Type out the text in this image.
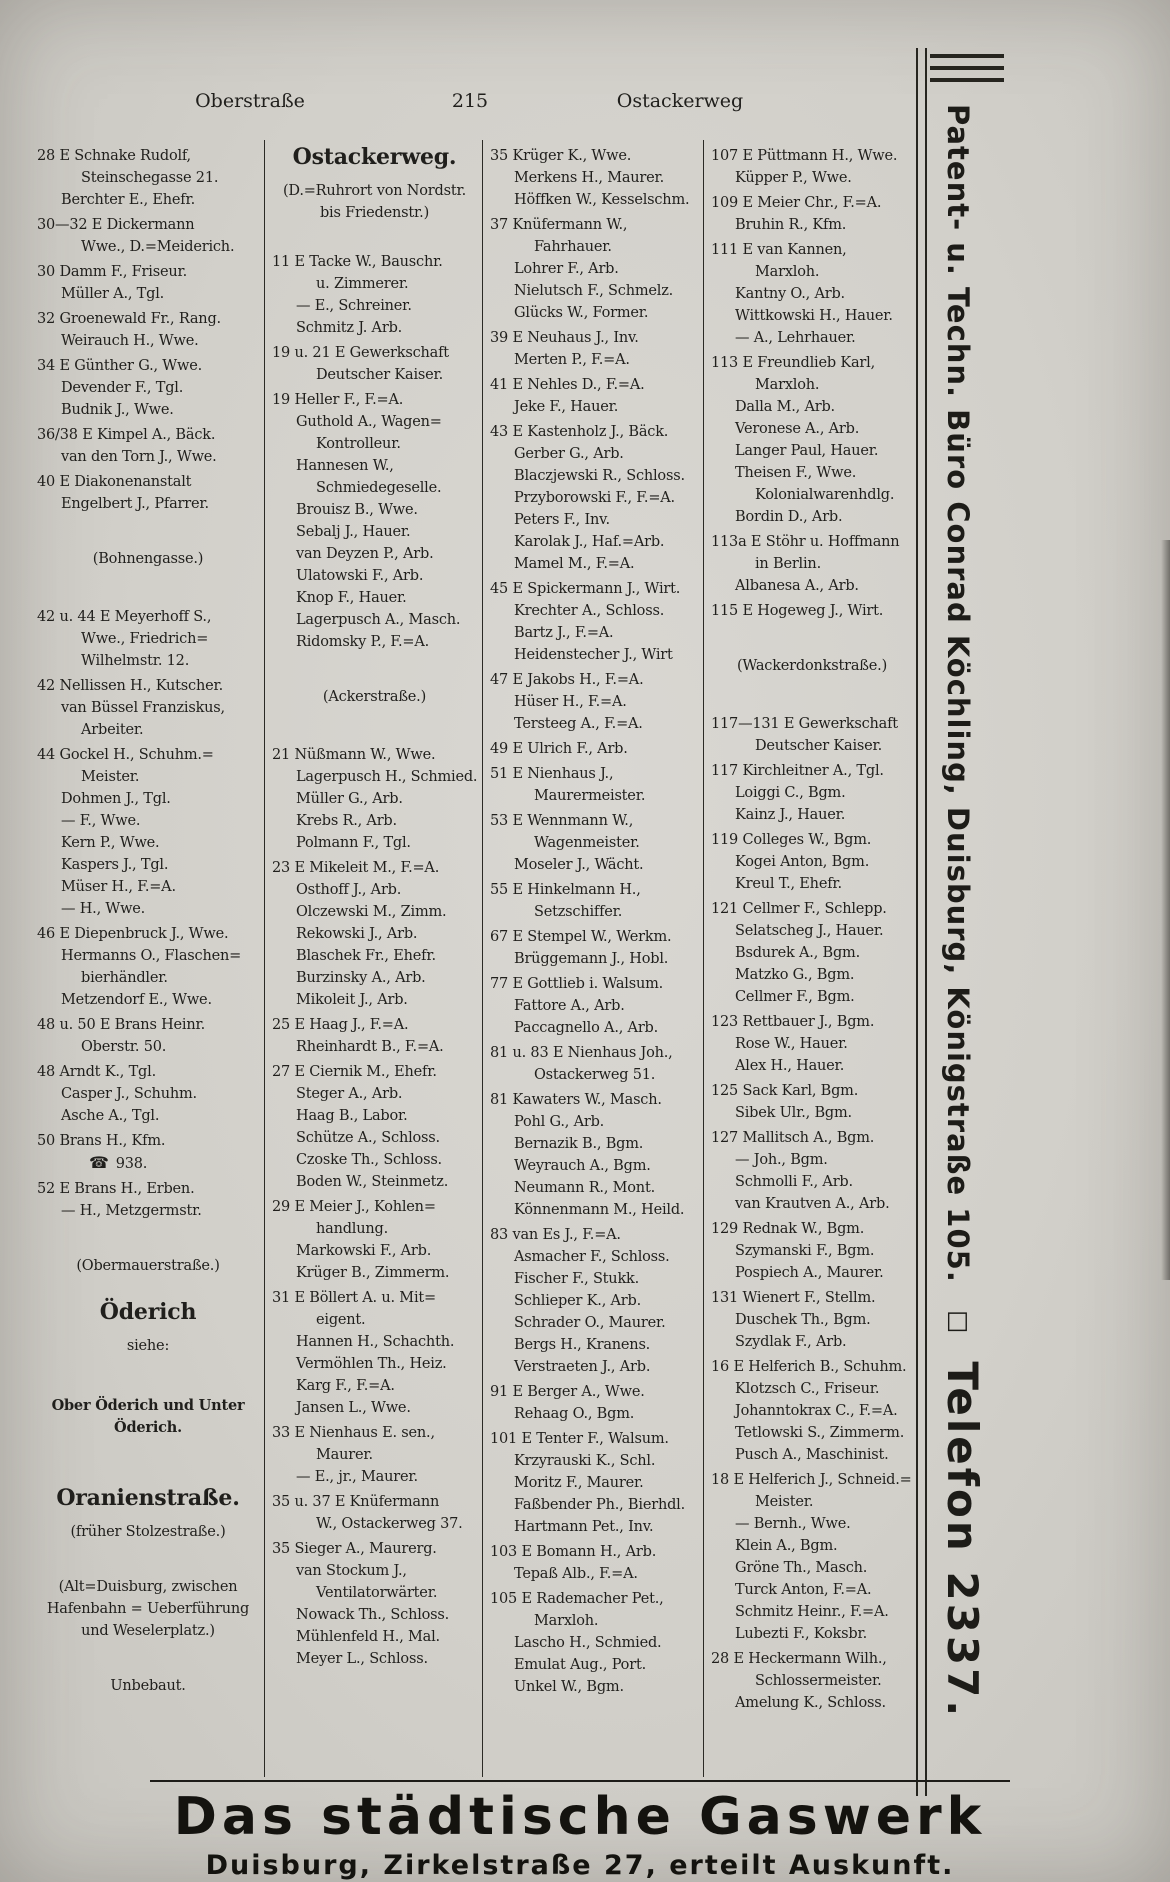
Oberstraße	215	Ostackerweg
28 E Schnake Rudolf,
Steinschegasse 21.
Berchter E., Ehefr.
30—32 E Dickermann
Wwe., D.=Meiderich.
30 Damm F., Friseur.
Müller A., Tgl.
32 Groenewald Fr., Rang.
Weirauch H., Wwe.
34 E Günther G., Wwe.
Devender F., Tgl.
Budnik J., Wwe.
36/38 E Kimpel A., Bäck.
van den Torn J., Wwe.
40 E Diakonenanstalt
Engelbert J., Pfarrer.
(Bohnengasse.)
42 u. 44 E Meyerhoff S.,
Wwe., Friedrich=
Wilhelmstr. 12.
42 Nellissen H., Kutscher.
van Büssel Franziskus,
Arbeiter.
44 Gockel H., Schuhm.=
Meister.
Dohmen J., Tgl.
— F., Wwe.
Kern P., Wwe.
Kaspers J., Tgl.
Müser H., F.=A.
— H., Wwe.
46 E Diepenbruck J., Wwe.
Hermanns O., Flaschen=
bierhändler.
Metzendorf E., Wwe.
48 u. 50 E Brans Heinr.
Oberstr. 50.
48 Arndt K., Tgl.
Casper J., Schuhm.
Asche A., Tgl.
50 Brans H., Kfm.
☎ 938.
52 E Brans H., Erben.
— H., Metzgermstr.
(Obermauerstraße.)
Öderich
siehe:
Ober Öderich und Unter
Öderich.
Oranienstraße.
(früher Stolzestraße.)
(Alt=Duisburg, zwischen
Hafenbahn = Ueberführung
und Weselerplatz.)
Unbebaut.
Ostackerweg.
(D.=Ruhrort von Nordstr.
bis Friedenstr.)
11 E Tacke W., Bauschr.
u. Zimmerer.
— E., Schreiner.
Schmitz J. Arb.
19 u. 21 E Gewerkschaft
Deutscher Kaiser.
19 Heller F., F.=A.
Guthold A., Wagen=
Kontrolleur.
Hannesen W.,
Schmiedegeselle.
Brouisz B., Wwe.
Sebalj J., Hauer.
van Deyzen P., Arb.
Ulatowski F., Arb.
Knop F., Hauer.
Lagerpusch A., Masch.
Ridomsky P., F.=A.
(Ackerstraße.)
21 Nüßmann W., Wwe.
Lagerpusch H., Schmied.
Müller G., Arb.
Krebs R., Arb.
Polmann F., Tgl.
23 E Mikeleit M., F.=A.
Osthoff J., Arb.
Olczewski M., Zimm.
Rekowski J., Arb.
Blaschek Fr., Ehefr.
Burzinsky A., Arb.
Mikoleit J., Arb.
25 E Haag J., F.=A.
Rheinhardt B., F.=A.
27 E Ciernik M., Ehefr.
Steger A., Arb.
Haag B., Labor.
Schütze A., Schloss.
Czoske Th., Schloss.
Boden W., Steinmetz.
29 E Meier J., Kohlen=
handlung.
Markowski F., Arb.
Krüger B., Zimmerm.
31 E Böllert A. u. Mit=
eigent.
Hannen H., Schachth.
Vermöhlen Th., Heiz.
Karg F., F.=A.
Jansen L., Wwe.
33 E Nienhaus E. sen.,
Maurer.
— E., jr., Maurer.
35 u. 37 E Knüfermann
W., Ostackerweg 37.
35 Sieger A., Maurerg.
van Stockum J.,
Ventilatorwärter.
Nowack Th., Schloss.
Mühlenfeld H., Mal.
Meyer L., Schloss.
35 Krüger K., Wwe.
Merkens H., Maurer.
Höffken W., Kesselschm.
37 Knüfermann W.,
Fahrhauer.
Lohrer F., Arb.
Nielutsch F., Schmelz.
Glücks W., Former.
39 E Neuhaus J., Inv.
Merten P., F.=A.
41 E Nehles D., F.=A.
Jeke F., Hauer.
43 E Kastenholz J., Bäck.
Gerber G., Arb.
Blaczjewski R., Schloss.
Przyborowski F., F.=A.
Peters F., Inv.
Karolak J., Haf.=Arb.
Mamel M., F.=A.
45 E Spickermann J., Wirt.
Krechter A., Schloss.
Bartz J., F.=A.
Heidenstecher J., Wirt
47 E Jakobs H., F.=A.
Hüser H., F.=A.
Tersteeg A., F.=A.
49 E Ulrich F., Arb.
51 E Nienhaus J.,
Maurermeister.
53 E Wennmann W.,
Wagenmeister.
Moseler J., Wächt.
55 E Hinkelmann H.,
Setzschiffer.
67 E Stempel W., Werkm.
Brüggemann J., Hobl.
77 E Gottlieb i. Walsum.
Fattore A., Arb.
Paccagnello A., Arb.
81 u. 83 E Nienhaus Joh.,
Ostackerweg 51.
81 Kawaters W., Masch.
Pohl G., Arb.
Bernazik B., Bgm.
Weyrauch A., Bgm.
Neumann R., Mont.
Könnenmann M., Heild.
83 van Es J., F.=A.
Asmacher F., Schloss.
Fischer F., Stukk.
Schlieper K., Arb.
Schrader O., Maurer.
Bergs H., Kranens.
Verstraeten J., Arb.
91 E Berger A., Wwe.
Rehaag O., Bgm.
101 E Tenter F., Walsum.
Krzyrauski K., Schl.
Moritz F., Maurer.
Faßbender Ph., Bierhdl.
Hartmann Pet., Inv.
103 E Bomann H., Arb.
Tepaß Alb., F.=A.
105 E Rademacher Pet.,
Marxloh.
Lascho H., Schmied.
Emulat Aug., Port.
Unkel W., Bgm.
107 E Püttmann H., Wwe.
Küpper P., Wwe.
109 E Meier Chr., F.=A.
Bruhin R., Kfm.
111 E van Kannen,
Marxloh.
Kantny O., Arb.
Wittkowski H., Hauer.
— A., Lehrhauer.
113 E Freundlieb Karl,
Marxloh.
Dalla M., Arb.
Veronese A., Arb.
Langer Paul, Hauer.
Theisen F., Wwe.
Kolonialwarenhdlg.
Bordin D., Arb.
113a E Stöhr u. Hoffmann
in Berlin.
Albanesa A., Arb.
115 E Hogeweg J., Wirt.
(Wackerdonkstraße.)
117—131 E Gewerkschaft
Deutscher Kaiser.
117 Kirchleitner A., Tgl.
Loiggi C., Bgm.
Kainz J., Hauer.
119 Colleges W., Bgm.
Kogei Anton, Bgm.
Kreul T., Ehefr.
121 Cellmer F., Schlepp.
Selatscheg J., Hauer.
Bsdurek A., Bgm.
Matzko G., Bgm.
Cellmer F., Bgm.
123 Rettbauer J., Bgm.
Rose W., Hauer.
Alex H., Hauer.
125 Sack Karl, Bgm.
Sibek Ulr., Bgm.
127 Mallitsch A., Bgm.
— Joh., Bgm.
Schmolli F., Arb.
van Krautven A., Arb.
129 Rednak W., Bgm.
Szymanski F., Bgm.
Pospiech A., Maurer.
131 Wienert F., Stellm.
Duschek Th., Bgm.
Szydlak F., Arb.
16 E Helferich B., Schuhm.
Klotzsch C., Friseur.
Johanntokrax C., F.=A.
Tetlowski S., Zimmerm.
Pusch A., Maschinist.
18 E Helferich J., Schneid.=
Meister.
— Bernh., Wwe.
Klein A., Bgm.
Gröne Th., Masch.
Turck Anton, F.=A.
Schmitz Heinr., F.=A.
Lubezti F., Koksbr.
28 E Heckermann Wilh.,
Schlossermeister.
Amelung K., Schloss.
Patent- u. Techn. Büro Conrad Köchling, Duisburg, Königstraße 105. ☐ Telefon 2337.
Das städtische Gaswerk
Duisburg, Zirkelstraße 27, erteilt Auskunft.
